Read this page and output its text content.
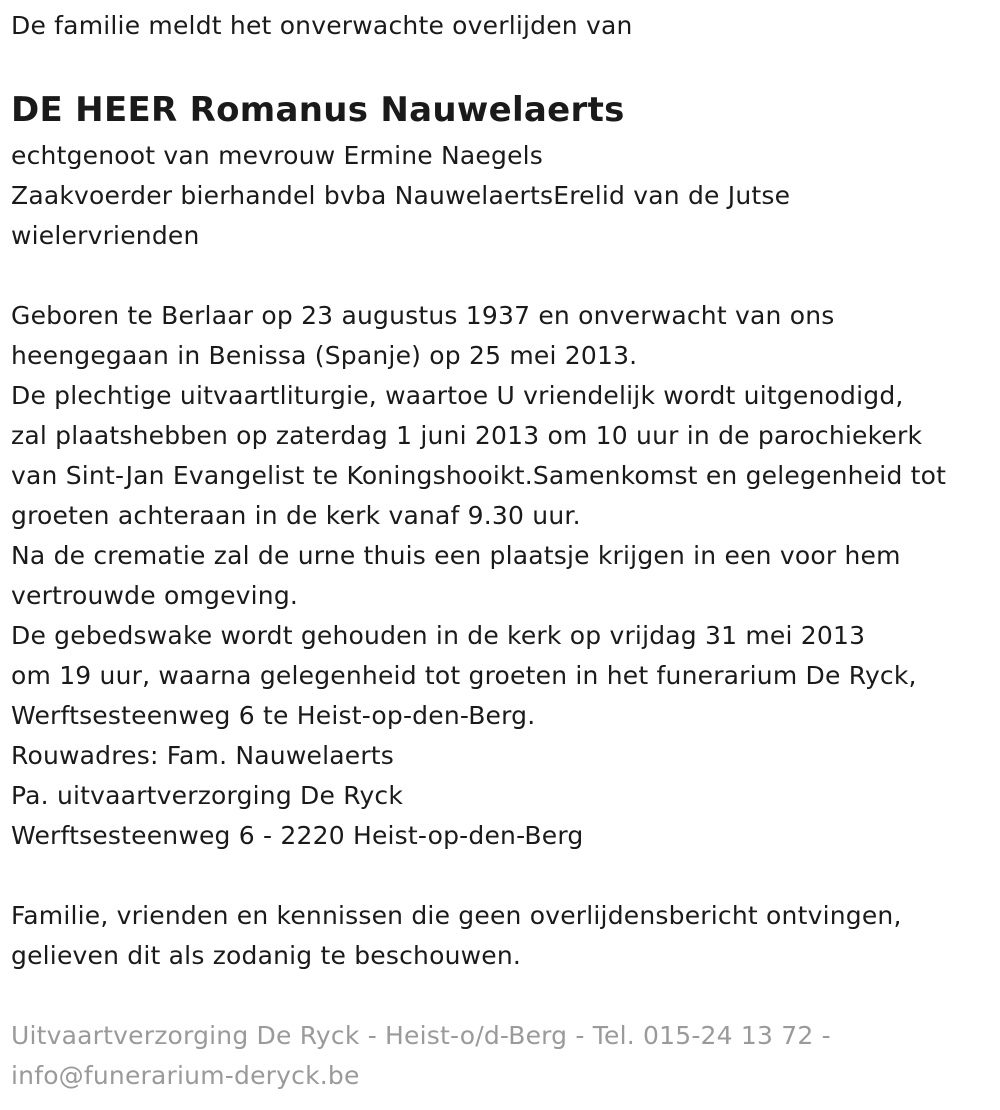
De familie meldt het onverwachte overlijden van
DE HEER Romanus Nauwelaerts
echtgenoot van mevrouw Ermine Naegels
Zaakvoerder bierhandel bvba NauwelaertsErelid van de Jutse
wielervrienden
Geboren te Berlaar op 23 augustus 1937 en onverwacht van ons
heengegaan in Benissa (Spanje) op 25 mei 2013.
De plechtige uitvaartliturgie, waartoe U vriendelijk wordt uitgenodigd,
zal plaatshebben op zaterdag 1 juni 2013 om 10 uur in de parochiekerk
van Sint-Jan Evangelist te Koningshooikt.Samenkomst en gelegenheid tot
groeten achteraan in de kerk vanaf 9.30 uur.
Na de crematie zal de urne thuis een plaatsje krijgen in een voor hem
vertrouwde omgeving.
De gebedswake wordt gehouden in de kerk op vrijdag 31 mei 2013
om 19 uur, waarna gelegenheid tot groeten in het funerarium De Ryck,
Werftsesteenweg 6 te Heist-op-den-Berg.
Rouwadres: Fam. Nauwelaerts
Pa. uitvaartverzorging De Ryck
Werftsesteenweg 6 - 2220 Heist-op-den-Berg
Familie, vrienden en kennissen die geen overlijdensbericht ontvingen,
gelieven dit als zodanig te beschouwen.
Uitvaartverzorging De Ryck - Heist-o/d-Berg - Tel. 015-24 13 72 -
info@funerarium-deryck.be
